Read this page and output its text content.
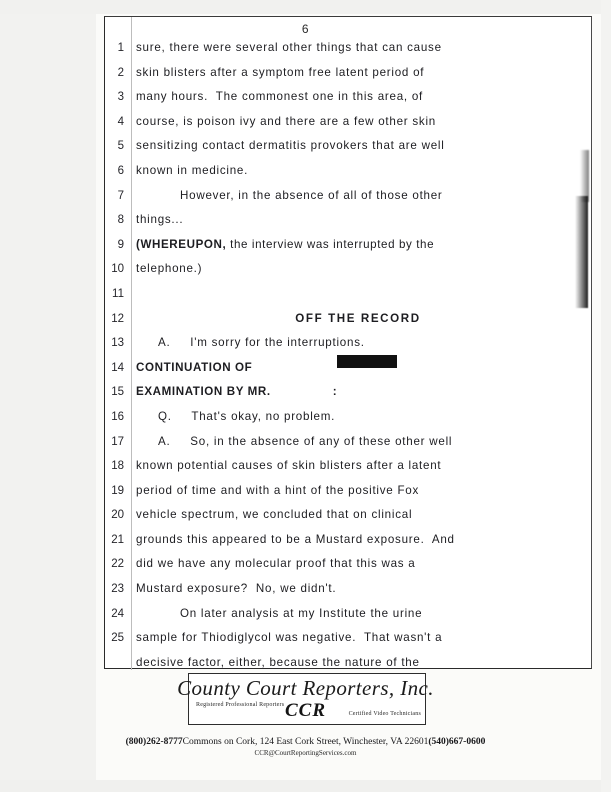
6
1
2
3
4
5
6
7
8
9
10
11
12
13
14
15
16
17
18
19
20
21
22
23
24
25
sure, there were several other things that can cause
skin blisters after a symptom free latent period of
many hours.  The commonest one in this area, of
course, is poison ivy and there are a few other skin
sensitizing contact dermatitis provokers that are well
known in medicine.
However, in the absence of all of those other
things...
(WHEREUPON, the interview was interrupted by the
telephone.)
OFF THE RECORD
A.     I'm sorry for the interruptions.
CONTINUATION OF
EXAMINATION BY MR.	:
Q.     That's okay, no problem.
A.     So, in the absence of any of these other well
known potential causes of skin blisters after a latent
period of time and with a hint of the positive Fox
vehicle spectrum, we concluded that on clinical
grounds this appeared to be a Mustard exposure.  And
did we have any molecular proof that this was a
Mustard exposure?  No, we didn't.
On later analysis at my Institute the urine
sample for Thiodiglycol was negative.  That wasn't a
decisive factor, either, because the nature of the
County Court Reporters, Inc.
Registered Professional Reporters CCR	Certified Video Technicians
(800)262-8777Commons on Cork, 124 East Cork Street, Winchester, VA 22601(540)667-0600
CCR@CourtReportingServices.com
